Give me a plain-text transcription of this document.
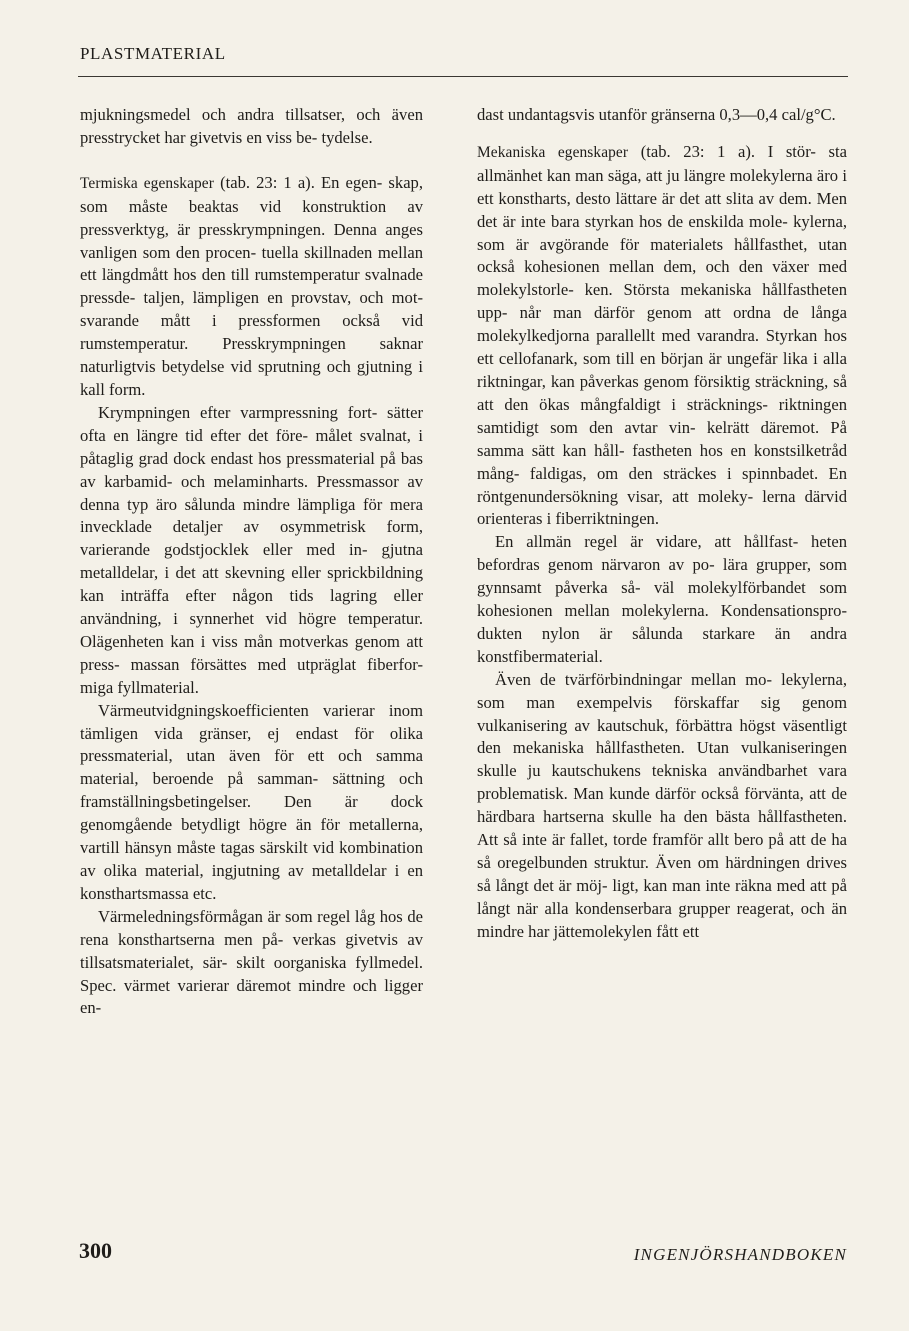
PLASTMATERIAL

mjukningsmedel och andra tillsatser, och även presstrycket har givetvis en viss be- tydelse.

Termiska egenskaper (tab. 23: 1 a). En egen- skap, som måste beaktas vid konstruktion av pressverktyg, är presskrympningen. Denna anges vanligen som den procen- tuella skillnaden mellan ett längdmått hos den till rumstemperatur svalnade pressde- taljen, lämpligen en provstav, och mot- svarande mått i pressformen också vid rumstemperatur. Presskrympningen saknar naturligtvis betydelse vid sprutning och gjutning i kall form.

Krympningen efter varmpressning fort- sätter ofta en längre tid efter det före- målet svalnat, i påtaglig grad dock endast hos pressmaterial på bas av karbamid- och melaminharts. Pressmassor av denna typ äro sålunda mindre lämpliga för mera invecklade detaljer av osymmetrisk form, varierande godstjocklek eller med in- gjutna metalldelar, i det att skevning eller sprickbildning kan inträffa efter någon tids lagring eller användning, i synnerhet vid högre temperatur. Olägenheten kan i viss mån motverkas genom att press- massan försättes med utpräglat fiberfor- miga fyllmaterial.

Värmeutvidgningskoefficienten varierar inom tämligen vida gränser, ej endast för olika pressmaterial, utan även för ett och samma material, beroende på samman- sättning och framställningsbetingelser. Den är dock genomgående betydligt högre än för metallerna, vartill hänsyn måste tagas särskilt vid kombination av olika material, ingjutning av metalldelar i en konsthartsmassa etc.

Värmeledningsförmågan är som regel låg hos de rena konsthartserna men på- verkas givetvis av tillsatsmaterialet, sär- skilt oorganiska fyllmedel. Spec. värmet varierar däremot mindre och ligger en-

dast undantagsvis utanför gränserna 0,3—0,4 cal/g°C.

Mekaniska egenskaper (tab. 23: 1 a). I stör- sta allmänhet kan man säga, att ju längre molekylerna äro i ett konstharts, desto lättare är det att slita av dem. Men det är inte bara styrkan hos de enskilda mole- kylerna, som är avgörande för materialets hållfasthet, utan också kohesionen mellan dem, och den växer med molekylstorle- ken. Största mekaniska hållfastheten upp- når man därför genom att ordna de långa molekylkedjorna parallellt med varandra. Styrkan hos ett cellofanark, som till en början är ungefär lika i alla riktningar, kan påverkas genom försiktig sträckning, så att den ökas mångfaldigt i sträcknings- riktningen samtidigt som den avtar vin- kelrätt däremot. På samma sätt kan håll- fastheten hos en konstsilketråd mång- faldigas, om den sträckes i spinnbadet. En röntgenundersökning visar, att moleky- lerna därvid orienteras i fiberriktningen.

En allmän regel är vidare, att hållfast- heten befordras genom närvaron av po- lära grupper, som gynnsamt påverka så- väl molekylförbandet som kohesionen mellan molekylerna. Kondensationspro- dukten nylon är sålunda starkare än andra konstfibermaterial.

Även de tvärförbindningar mellan mo- lekylerna, som man exempelvis förskaffar sig genom vulkanisering av kautschuk, förbättra högst väsentligt den mekaniska hållfastheten. Utan vulkaniseringen skulle ju kautschukens tekniska användbarhet vara problematisk. Man kunde därför också förvänta, att de härdbara hartserna skulle ha den bästa hållfastheten. Att så inte är fallet, torde framför allt bero på att de ha så oregelbunden struktur. Även om härdningen drives så långt det är möj- ligt, kan man inte räkna med att på långt när alla kondenserbara grupper reagerat, och än mindre har jättemolekylen fått ett

300	INGENJÖRSHANDBOKEN
